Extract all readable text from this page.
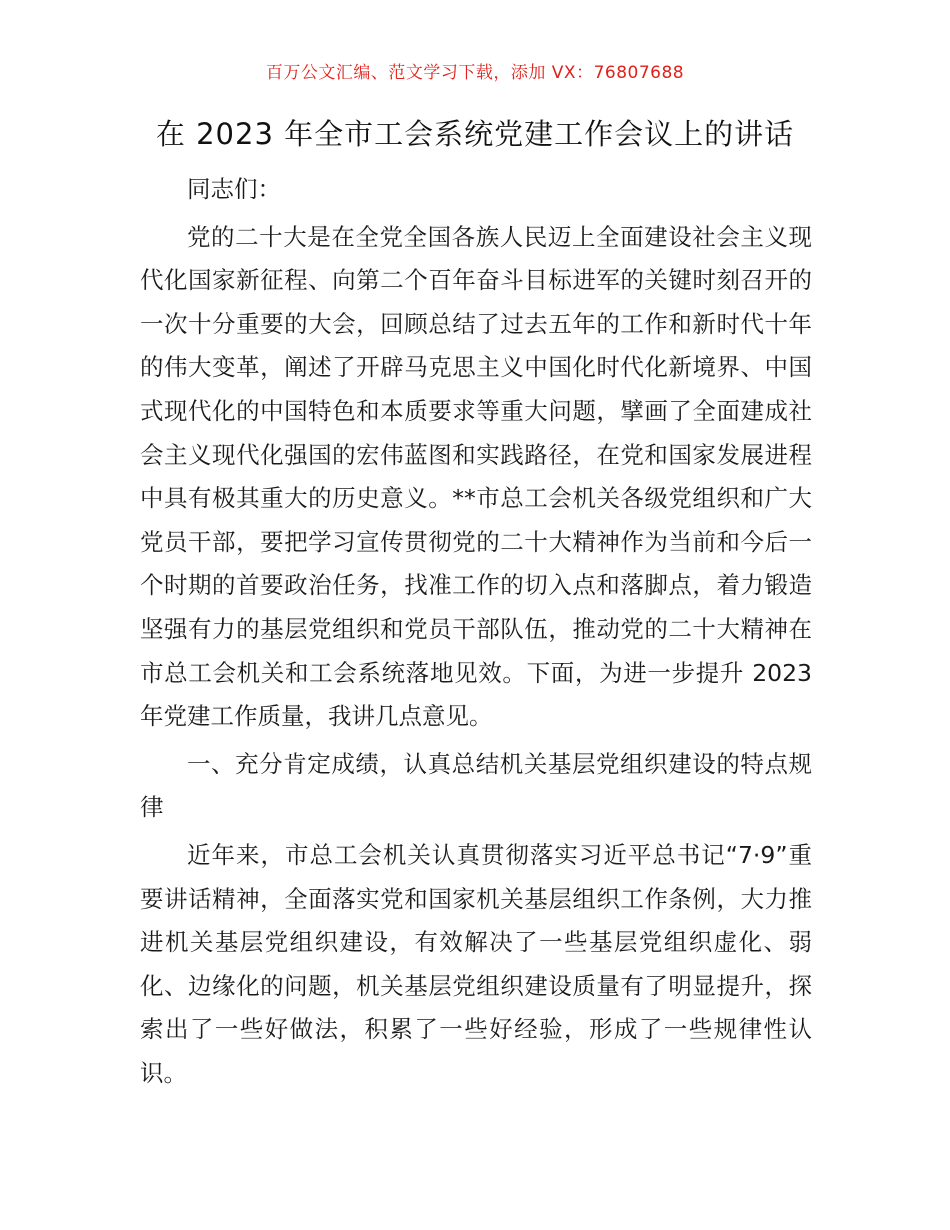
百万公文汇编、范文学习下载，添加 VX：76807688
在 2023 年全市工会系统党建工作会议上的讲话

同志们：

党的二十大是在全党全国各族人民迈上全面建设社会主义现代化国家新征程、向第二个百年奋斗目标进军的关键时刻召开的一次十分重要的大会，回顾总结了过去五年的工作和新时代十年的伟大变革，阐述了开辟马克思主义中国化时代化新境界、中国式现代化的中国特色和本质要求等重大问题，擘画了全面建成社会主义现代化强国的宏伟蓝图和实践路径，在党和国家发展进程中具有极其重大的历史意义。**市总工会机关各级党组织和广大党员干部，要把学习宣传贯彻党的二十大精神作为当前和今后一个时期的首要政治任务，找准工作的切入点和落脚点，着力锻造坚强有力的基层党组织和党员干部队伍，推动党的二十大精神在市总工会机关和工会系统落地见效。下面，为进一步提升 2023 年党建工作质量，我讲几点意见。

一、充分肯定成绩，认真总结机关基层党组织建设的特点规律

近年来，市总工会机关认真贯彻落实习近平总书记“7·9”重要讲话精神，全面落实党和国家机关基层组织工作条例，大力推进机关基层党组织建设，有效解决了一些基层党组织虚化、弱化、边缘化的问题，机关基层党组织建设质量有了明显提升，探索出了一些好做法，积累了一些好经验，形成了一些规律性认识。
